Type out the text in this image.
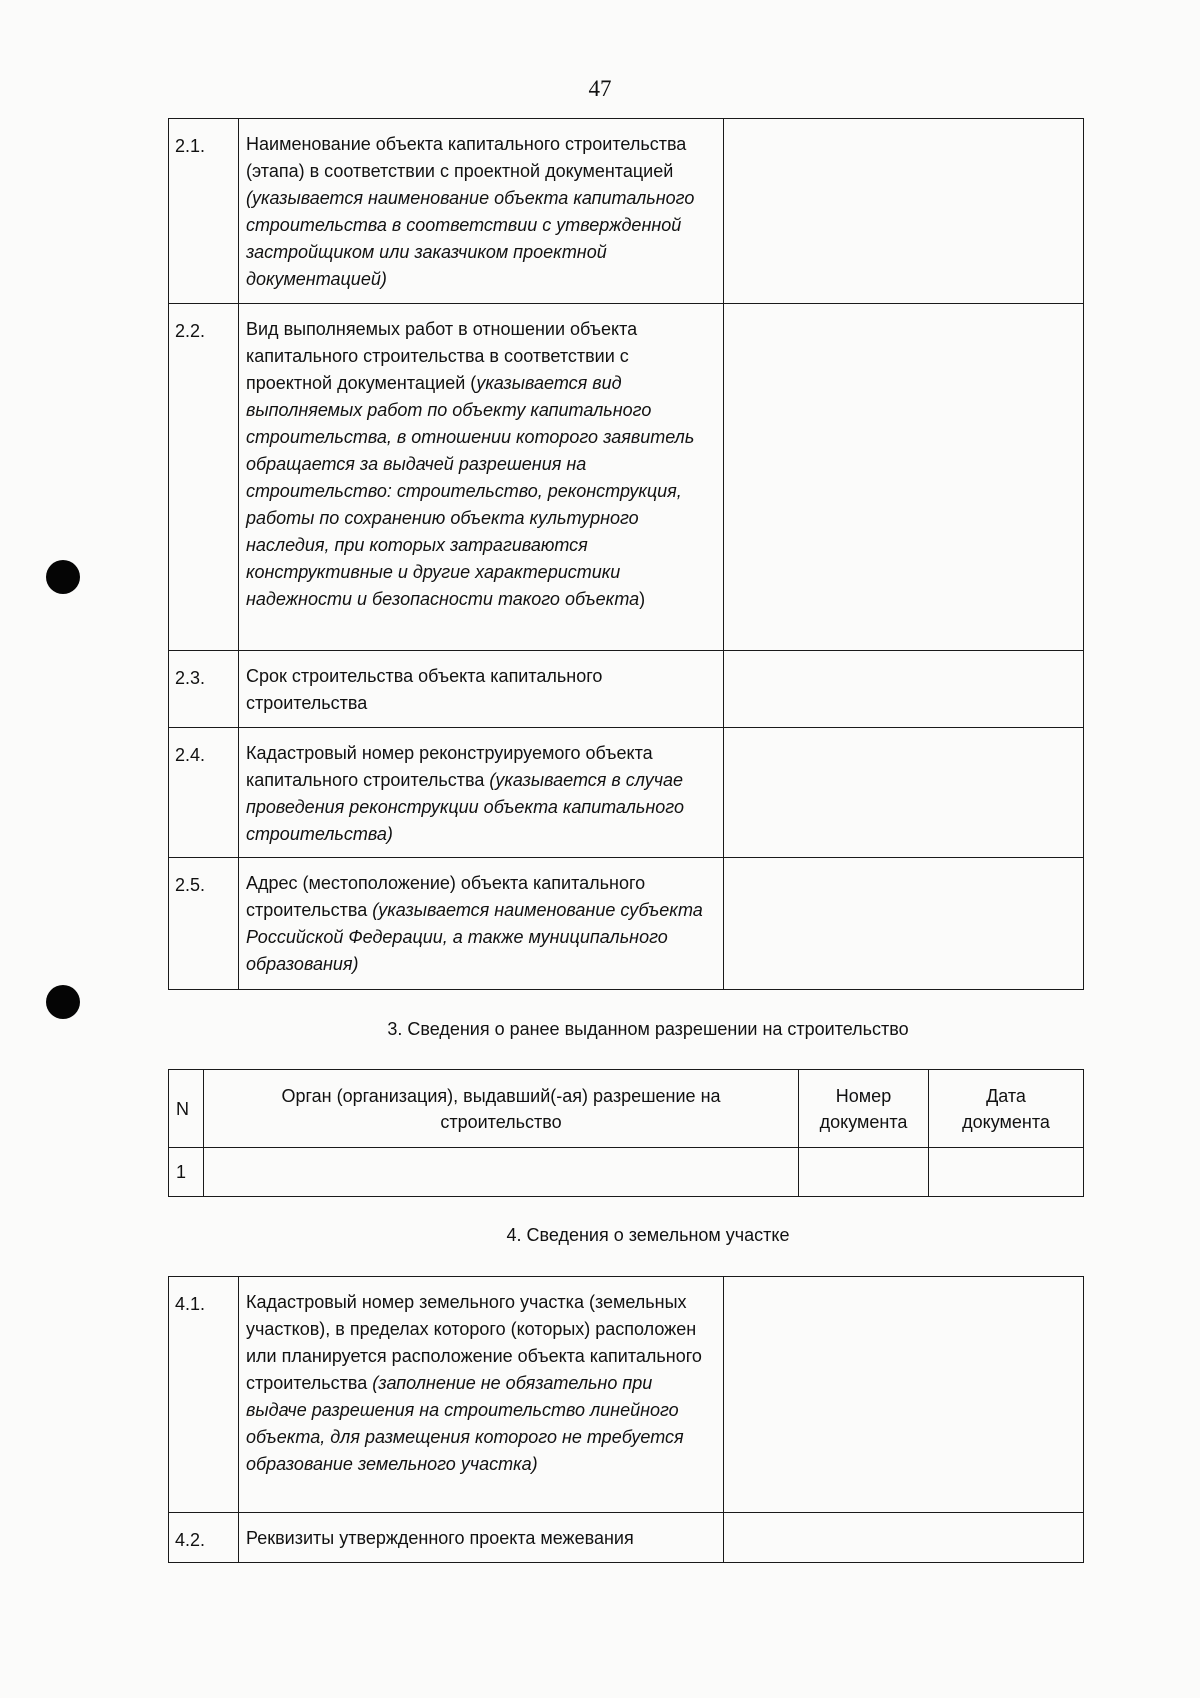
47
2.1.	Наименование объекта капитального строительства (этапа) в соответствии с проектной документацией (указывается наименование объекта капитального строительства в соответствии с утвержденной застройщиком или заказчиком проектной документацией)	
2.2.	Вид выполняемых работ в отношении объекта капитального строительства в соответствии с проектной документацией (указывается вид выполняемых работ по объекту капитального строительства, в отношении которого заявитель обращается за выдачей разрешения на строительство: строительство, реконструкция, работы по сохранению объекта культурного наследия, при которых затрагиваются конструктивные и другие характеристики надежности и безопасности такого объекта)	
2.3.	Срок строительства объекта капитального строительства	
2.4.	Кадастровый номер реконструируемого объекта капитального строительства (указывается в случае проведения реконструкции объекта капитального строительства)	
2.5.	Адрес (местоположение) объекта капитального строительства (указывается наименование субъекта Российской Федерации, а также муниципального образования)	
3. Сведения о ранее выданном разрешении на строительство
N	Орган (организация), выдавший(-ая) разрешение на строительство	Номер документа	Дата документа
1			
4. Сведения о земельном участке
4.1.	Кадастровый номер земельного участка (земельных участков), в пределах которого (которых) расположен или планируется расположение объекта капитального строительства (заполнение не обязательно при выдаче разрешения на строительство линейного объекта, для размещения которого не требуется образование земельного участка)	
4.2.	Реквизиты утвержденного проекта межевания	
